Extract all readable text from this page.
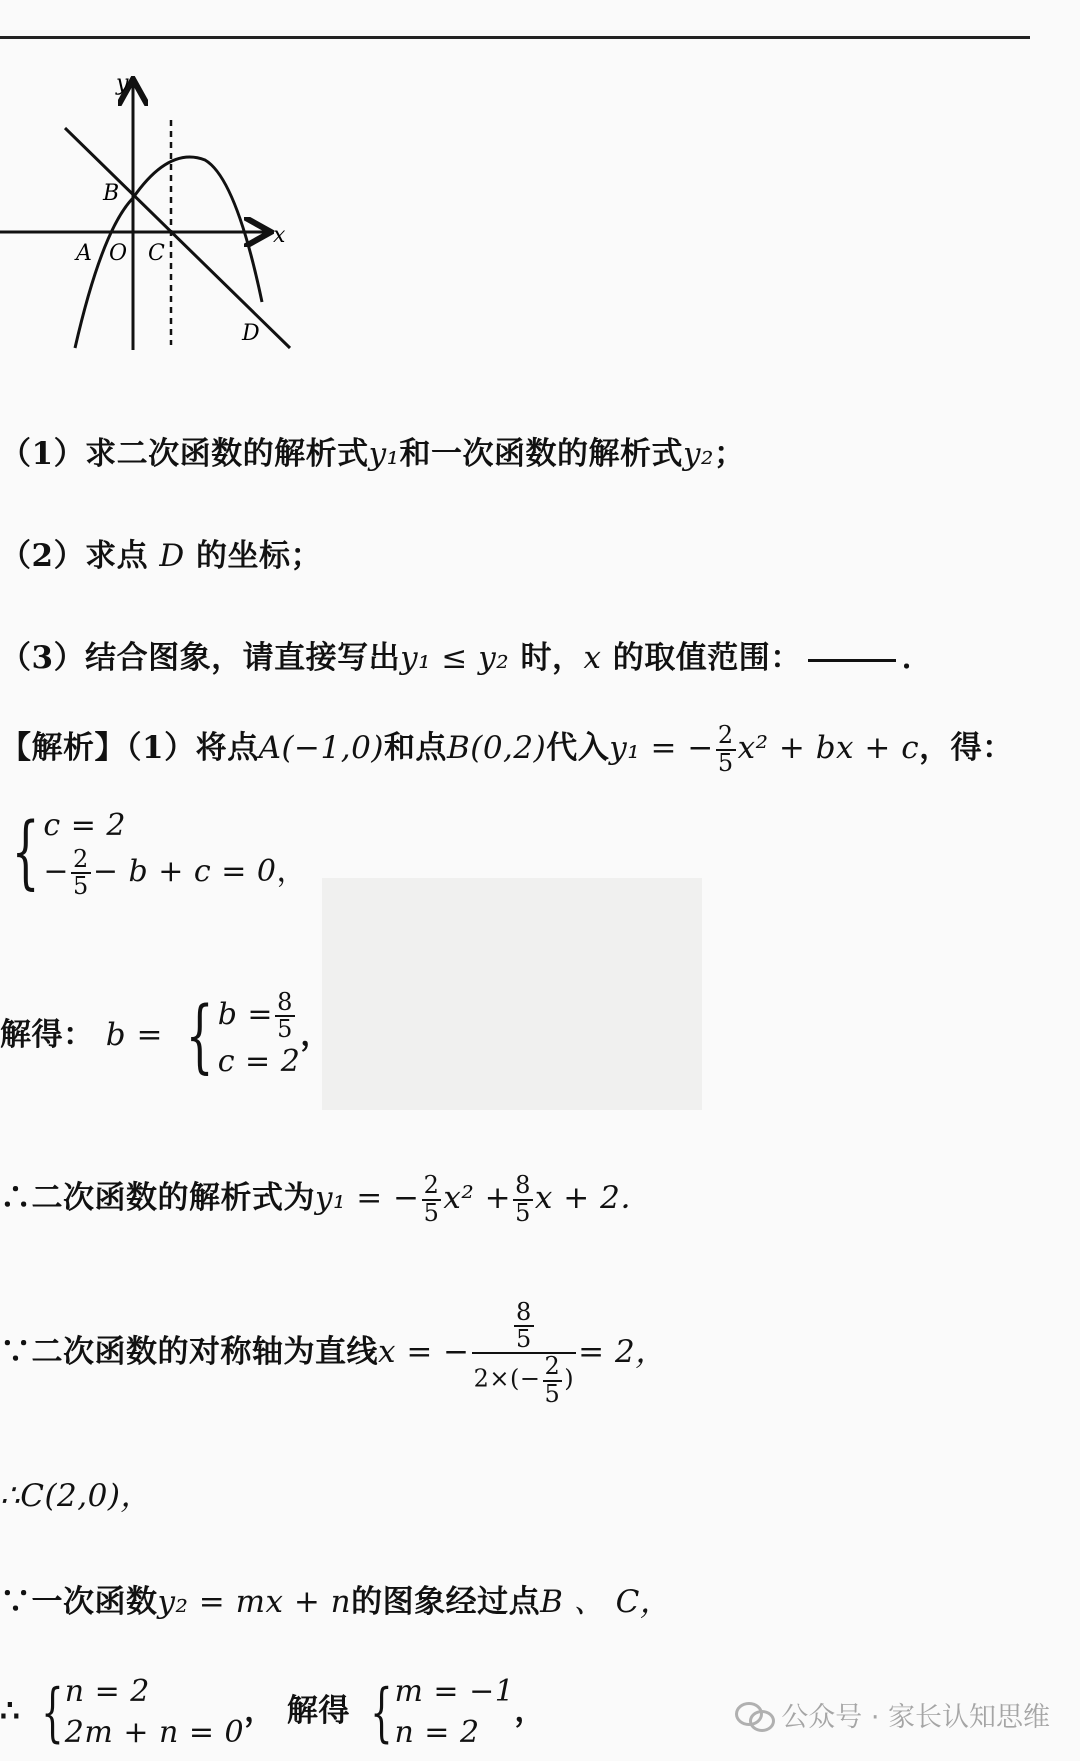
y
x
B
A O C
D
（1）求二次函数的解析式y₁和一次函数的解析式y₂；
（2）求点 D 的坐标；
（3）结合图象，请直接写出y₁ ≤ y₂ 时，x 的取值范围：	．
【解析】（1）将点A(−1,0)和点B(0,2)代入y₁ = − $\frac{2}{5} x^2$ + bx + c，得：
{ c = 2
− $\frac{2}{5} - b + c = 0$，
解得： b = { $b = \frac{8}{5}$
c = 2
，
∴二次函数的解析式为y₁ = − $\frac{2}{5} x^2 + \frac{8}{5}$ x + 2．
∵二次函数的对称轴为直线x = − $\frac{\frac{8}{5}}{2\times(- \frac{2}{5} )} = 2$，
∴C(2,0)，
∵一次函数y₂ = mx + n的图象经过点B 、 C，
∴ { n = 2
2m + n = 0
， 解得 { m = −1
n = 2
，	公众号 · 家长认知思维
